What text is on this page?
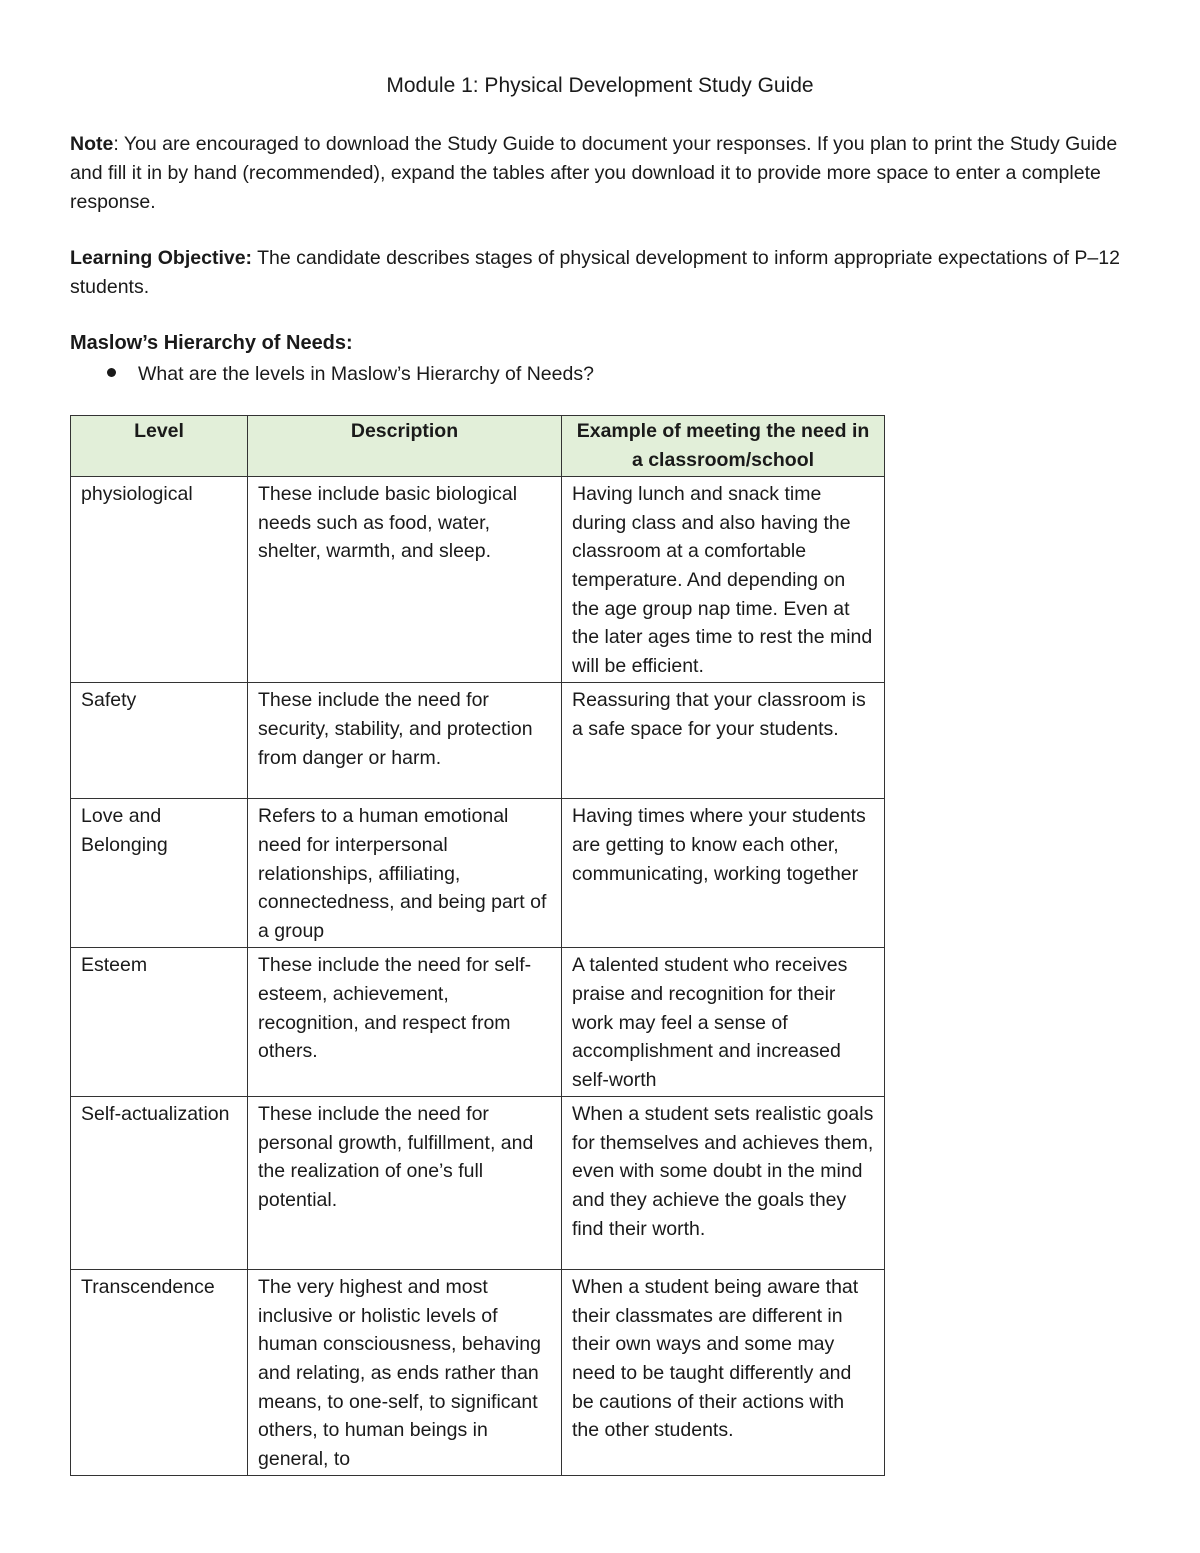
Module 1: Physical Development Study Guide

Note: You are encouraged to download the Study Guide to document your responses. If you plan to print the Study Guide and fill it in by hand (recommended), expand the tables after you download it to provide more space to enter a complete response.

Learning Objective: The candidate describes stages of physical development to inform appropriate expectations of P–12 students.

Maslow’s Hierarchy of Needs:
What are the levels in Maslow’s Hierarchy of Needs?
Level	Description	Example of meeting the need in a classroom/school
physiological	These include basic biological needs such as food, water, shelter, warmth, and sleep.	Having lunch and snack time during class and also having the classroom at a comfortable temperature. And depending on the age group nap time. Even at the later ages time to rest the mind will be efficient.
Safety	These include the need for security, stability, and protection from danger or harm.	Reassuring that your classroom is a safe space for your students.
Love and Belonging	Refers to a human emotional need for interpersonal relationships, affiliating, connectedness, and being part of a group	Having times where your students are getting to know each other, communicating, working together
Esteem	These include the need for self-esteem, achievement, recognition, and respect from others.	A talented student who receives praise and recognition for their work may feel a sense of accomplishment and increased self-worth
Self-actualization	These include the need for personal growth, fulfillment, and the realization of one’s full potential.	When a student sets realistic goals for themselves and achieves them, even with some doubt in the mind and they achieve the goals they find their worth.
Transcendence	The very highest and most inclusive or holistic levels of human consciousness, behaving and relating, as ends rather than means, to one-self, to significant others, to human beings in general, to	When a student being aware that their classmates are different in their own ways and some may need to be taught differently and be cautions of their actions with the other students.
